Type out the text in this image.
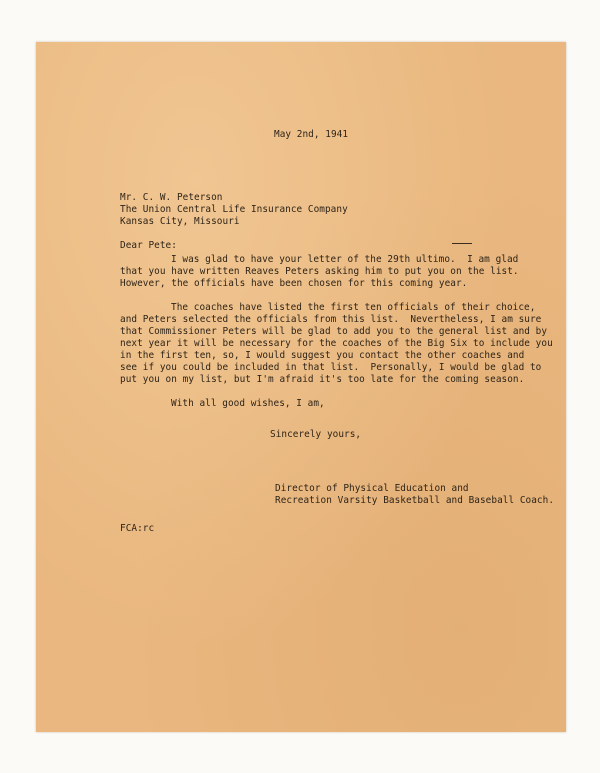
May 2nd, 1941
Mr. C. W. Peterson
The Union Central Life Insurance Company
Kansas City, Missouri
Dear Pete:
I was glad to have your letter of the 29th ultimo.  I am glad
that you have written Reaves Peters asking him to put you on the list.
However, the officials have been chosen for this coming year.
The coaches have listed the first ten officials of their choice,
and Peters selected the officials from this list.  Nevertheless, I am sure
that Commissioner Peters will be glad to add you to the general list and by
next year it will be necessary for the coaches of the Big Six to include you
in the first ten, so, I would suggest you contact the other coaches and
see if you could be included in that list.  Personally, I would be glad to
put you on my list, but I'm afraid it's too late for the coming season.
With all good wishes, I am,
Sincerely yours,
Director of Physical Education and
Recreation Varsity Basketball and Baseball Coach.
FCA:rc
